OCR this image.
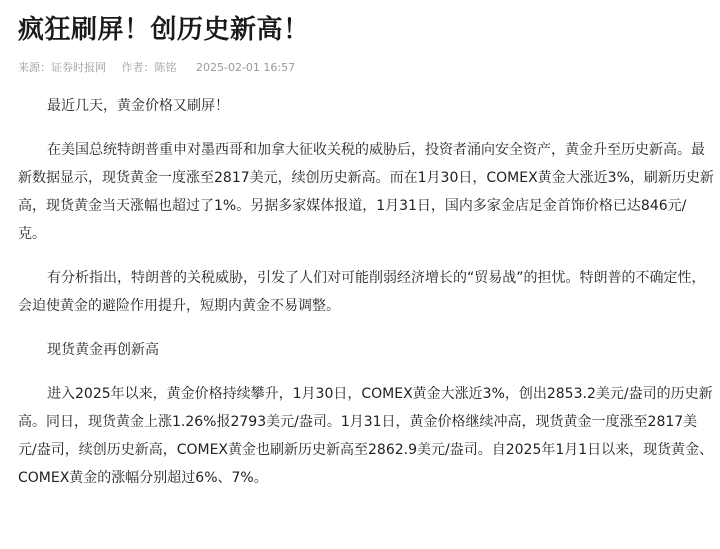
疯狂刷屏！创历史新高！
来源：证券时报网 作者：陈铭 2025-02-01 16:57

最近几天，黄金价格又刷屏！

在美国总统特朗普重申对墨西哥和加拿大征收关税的威胁后，投资者涌向安全资产，黄金升至历史新高。最新数据显示，现货黄金一度涨至2817美元，续创历史新高。而在1月30日，COMEX黄金大涨近3%，刷新历史新高，现货黄金当天涨幅也超过了1%。另据多家媒体报道，1月31日，国内多家金店足金首饰价格已达846元/克。

有分析指出，特朗普的关税威胁，引发了人们对可能削弱经济增长的“贸易战”的担忧。特朗普的不确定性，会迫使黄金的避险作用提升，短期内黄金不易调整。

现货黄金再创新高

进入2025年以来，黄金价格持续攀升，1月30日，COMEX黄金大涨近3%，创出2853.2美元/盎司的历史新高。同日，现货黄金上涨1.26%报2793美元/盎司。1月31日，黄金价格继续冲高，现货黄金一度涨至2817美元/盎司，续创历史新高，COMEX黄金也刷新历史新高至2862.9美元/盎司。自2025年1月1日以来，现货黄金、COMEX黄金的涨幅分别超过6%、7%。
